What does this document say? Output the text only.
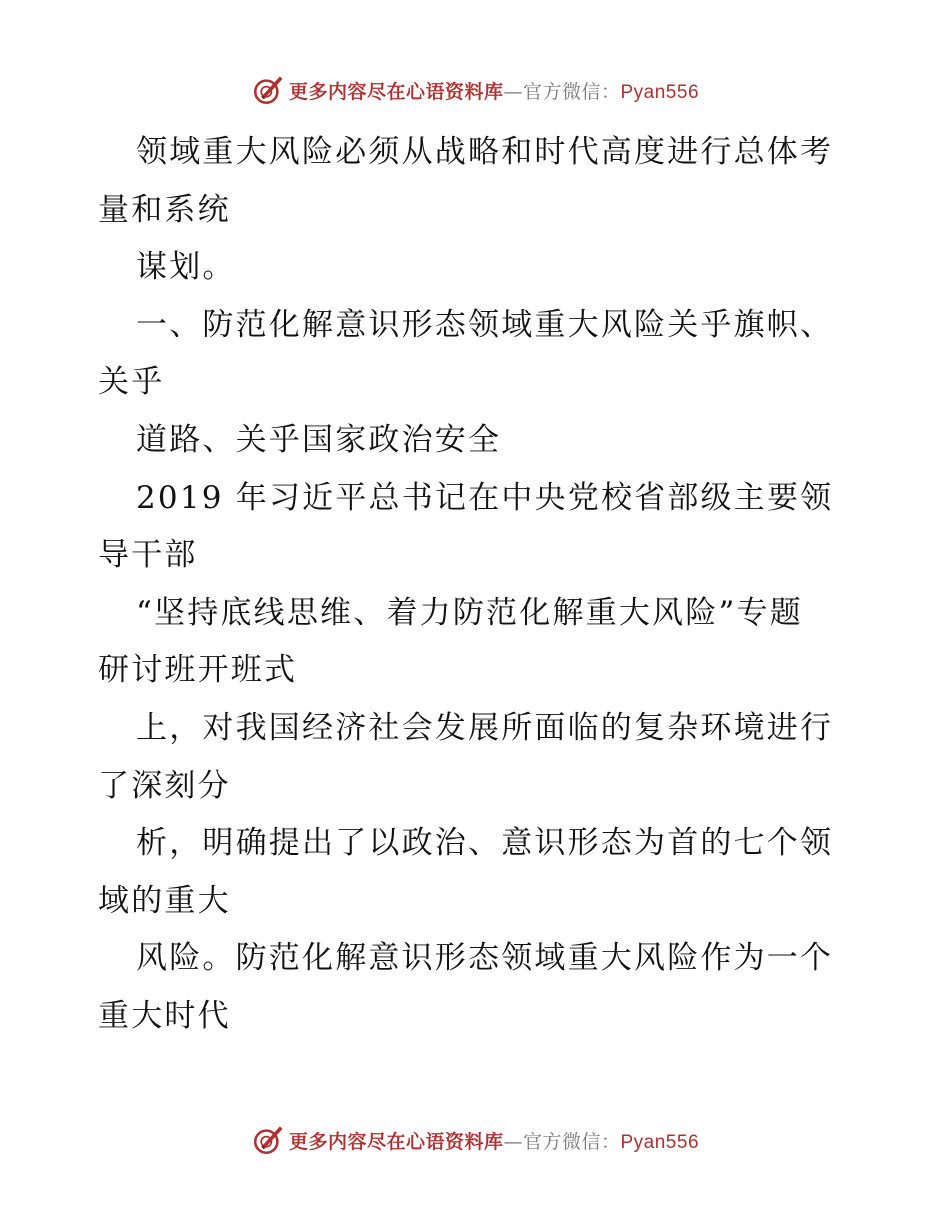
更多内容尽在心语资料库—官方微信：Pyan556
领域重大风险必须从战略和时代高度进行总体考
量和系统
谋划。
一、防范化解意识形态领域重大风险关乎旗帜、
关乎
道路、关乎国家政治安全
2019 年习近平总书记在中央党校省部级主要领
导干部
“坚持底线思维、着力防范化解重大风险”专题
研讨班开班式
上，对我国经济社会发展所面临的复杂环境进行
了深刻分
析，明确提出了以政治、意识形态为首的七个领
域的重大
风险。防范化解意识形态领域重大风险作为一个
重大时代
更多内容尽在心语资料库—官方微信：Pyan556
